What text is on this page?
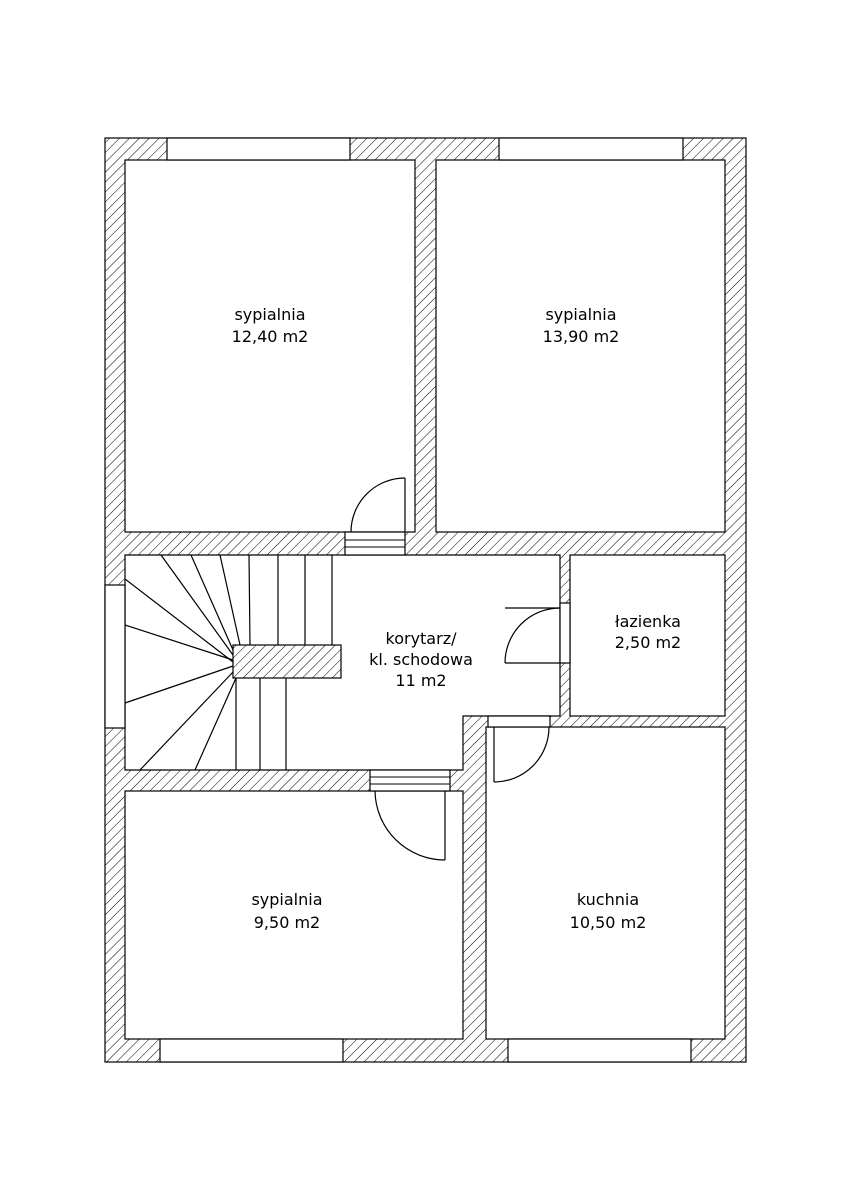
sypialnia
12,40 m2
sypialnia
13,90 m2
korytarz/
kl. schodowa
11 m2
łazienka
2,50 m2
sypialnia
9,50 m2
kuchnia
10,50 m2
